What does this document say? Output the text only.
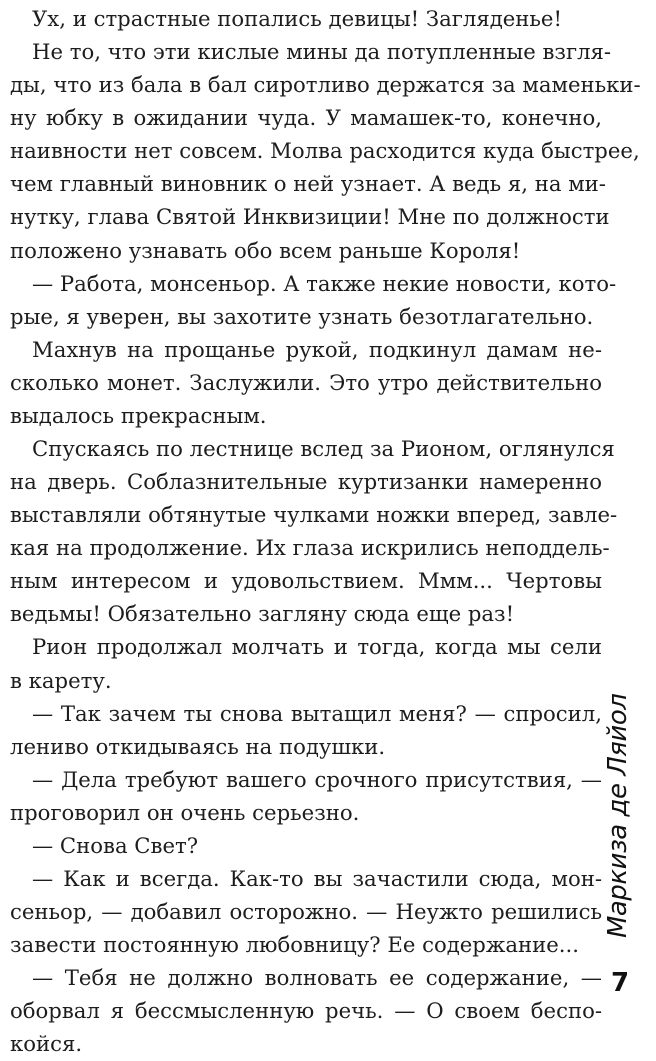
Ух, и страстные попались девицы! Загляденье!
Не то, что эти кислые мины да потупленные взгля-
ды, что из бала в бал сиротливо держатся за маменьки-
ну юбку в ожидании чуда. У мамашек-то, конечно,
наивности нет совсем. Молва расходится куда быстрее,
чем главный виновник о ней узнает. А ведь я, на ми-
нутку, глава Святой Инквизиции! Мне по должности
положено узнавать обо всем раньше Короля!
— Работа, монсеньор. А также некие новости, кото-
рые, я уверен, вы захотите узнать безотлагательно.
Махнув на прощанье рукой, подкинул дамам не-
сколько монет. Заслужили. Это утро действительно
выдалось прекрасным.
Спускаясь по лестнице вслед за Рионом, оглянулся
на дверь. Соблазнительные куртизанки намеренно
выставляли обтянутые чулками ножки вперед, завле-
кая на продолжение. Их глаза искрились неподдель-
ным интересом и удовольствием. Ммм... Чертовы
ведьмы! Обязательно загляну сюда еще раз!
Рион продолжал молчать и тогда, когда мы сели
в карету.
— Так зачем ты снова вытащил меня? — спросил,
лениво откидываясь на подушки.
— Дела требуют вашего срочного присутствия, —
проговорил он очень серьезно.
— Снова Свет?
— Как и всегда. Как-то вы зачастили сюда, мон-
сеньор, — добавил осторожно. — Неужто решились
завести постоянную любовницу? Ее содержание...
— Тебя не должно волновать ее содержание, —
оборвал я бессмысленную речь. — О своем беспо-
койся.
Маркиза де Ляйол
7
